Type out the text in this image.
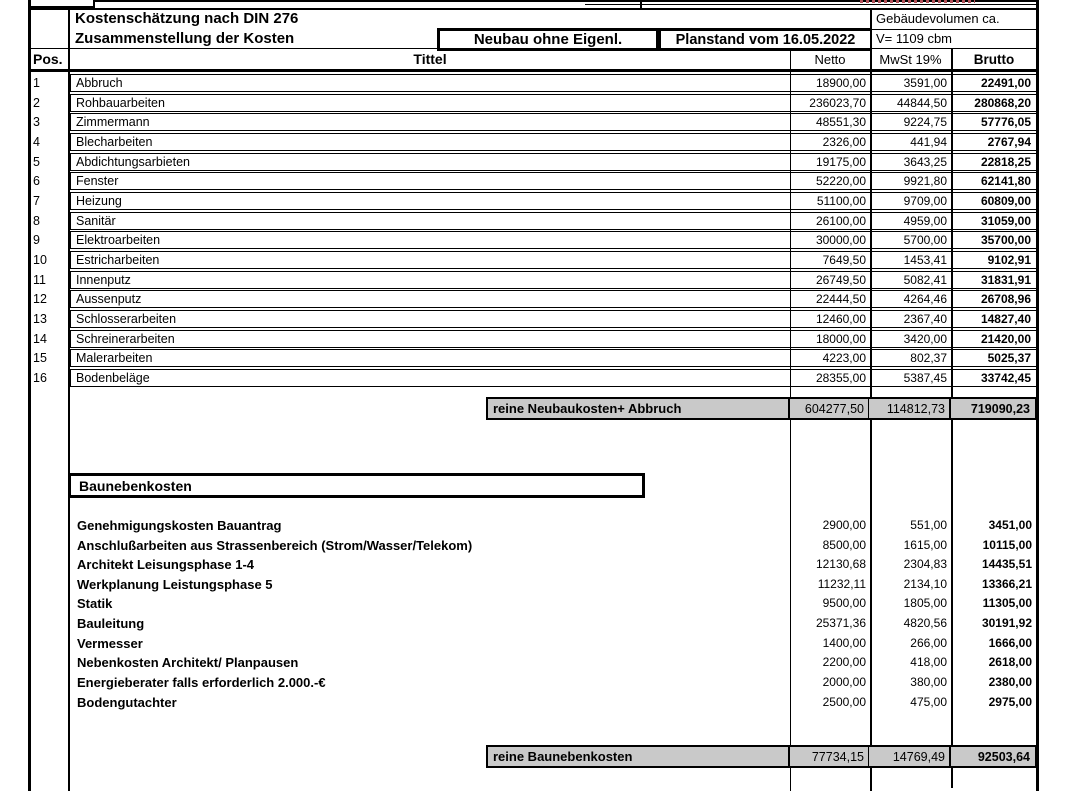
Kostenschätzung nach DIN 276
Zusammenstellung der Kosten	Neubau ohne Eigenl.	Planstand vom 16.05.2022
Gebäudevolumen ca.
V= 1109 cbm
Pos.	Tittel	Netto	MwSt 19%	Brutto
1	Abbruch	18900,00	3591,00	22491,00
2	Rohbauarbeiten	236023,70	44844,50	280868,20
3	Zimmermann	48551,30	9224,75	57776,05
4	Blecharbeiten	2326,00	441,94	2767,94
5	Abdichtungsarbieten	19175,00	3643,25	22818,25
6	Fenster	52220,00	9921,80	62141,80
7	Heizung	51100,00	9709,00	60809,00
8	Sanitär	26100,00	4959,00	31059,00
9	Elektroarbeiten	30000,00	5700,00	35700,00
10	Estricharbeiten	7649,50	1453,41	9102,91
11	Innenputz	26749,50	5082,41	31831,91
12	Aussenputz	22444,50	4264,46	26708,96
13	Schlosserarbeiten	12460,00	2367,40	14827,40
14	Schreinerarbeiten	18000,00	3420,00	21420,00
15	Malerarbeiten	4223,00	802,37	5025,37
16	Bodenbeläge	28355,00	5387,45	33742,45
reine Neubaukosten+ Abbruch	604277,50	114812,73	719090,23
Baunebenkosten
Genehmigungskosten Bauantrag	2900,00	551,00	3451,00
Anschlußarbeiten aus Strassenbereich (Strom/Wasser/Telekom)	8500,00	1615,00	10115,00
Architekt Leisungsphase 1-4	12130,68	2304,83	14435,51
Werkplanung Leistungsphase 5	11232,11	2134,10	13366,21
Statik	9500,00	1805,00	11305,00
Bauleitung	25371,36	4820,56	30191,92
Vermesser	1400,00	266,00	1666,00
Nebenkosten Architekt/ Planpausen	2200,00	418,00	2618,00
Energieberater falls erforderlich 2.000.-€	2000,00	380,00	2380,00
Bodengutachter	2500,00	475,00	2975,00
reine Baunebenkosten	77734,15	14769,49	92503,64
